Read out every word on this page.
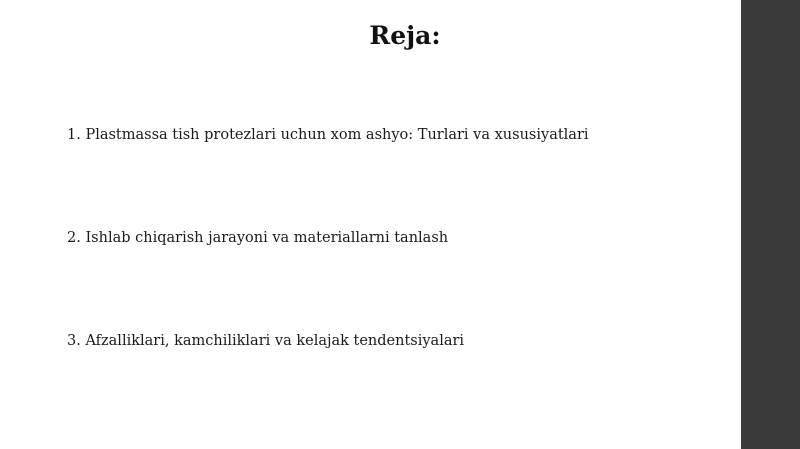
Reja:

1. Plastmassa tish protezlari uchun xom ashyo: Turlari va xususiyatlari

2. Ishlab chiqarish jarayoni va materiallarni tanlash

3. Afzalliklari, kamchiliklari va kelajak tendentsiyalari
